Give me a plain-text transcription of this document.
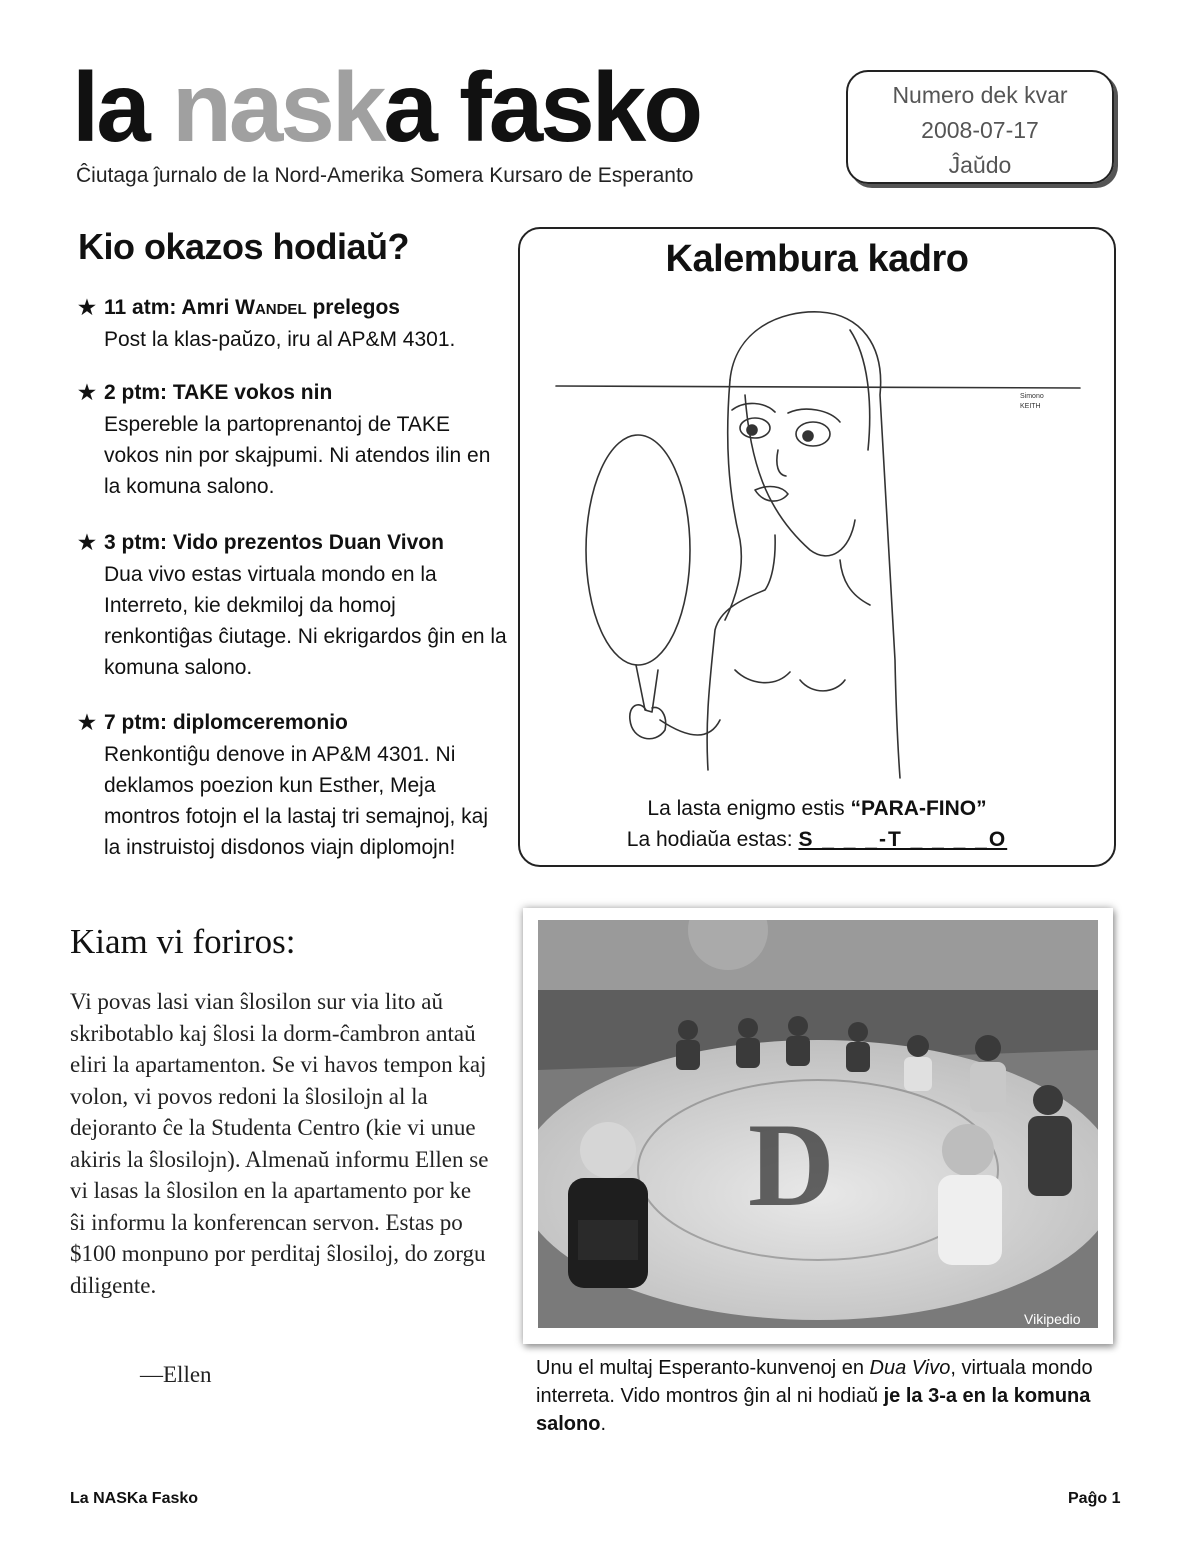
la naska fasko
Ĉiutaga ĵurnalo de la Nord-Amerika Somera Kursaro de Esperanto
Numero dek kvar
2008-07-17
Ĵaŭdo
Kio okazos hodiaŭ?
★ 11 atm: Amri Wandel prelegos
Post la klas-paŭzo, iru al AP&M 4301.
★ 2 ptm: TAKE vokos nin
Espereble la partoprenantoj de TAKE vokos nin por skajpumi. Ni atendos ilin en la komuna salono.
★ 3 ptm: Vido prezentos Duan Vivon
Dua vivo estas virtuala mondo en la Interreto, kie dekmiloj da homoj renkontiĝas ĉiutage. Ni ekrigardos ĝin en la komuna salono.
★ 7 ptm: diplomceremonio
Renkontiĝu denove in AP&M 4301. Ni deklamos poezion kun Esther, Meja montros fotojn el la lastaj tri semajnoj, kaj la instruistoj disdonos viajn diplomojn!
Kalembura kadro
Simono
KEITH
La lasta enigmo estis “PARA-FINO”
La hodiaŭa estas: S _ _ _-T _ _ _ _O
D
Vikipedio
Unu el multaj Esperanto-kunvenoj en Dua Vivo, virtuala mondo interreta. Vido montros ĝin al ni hodiaŭ je la 3-a en la komuna salono.
Kiam vi foriros:
Vi povas lasi vian ŝlosilon sur via lito aŭ skribotablo kaj ŝlosi la dorm-ĉambron antaŭ eliri la apartamenton. Se vi havos tempon kaj volon, vi povos redoni la ŝlosilojn al la dejoranto ĉe la Studenta Centro (kie vi unue akiris la ŝlosilojn). Almenaŭ informu Ellen se vi lasas la ŝlosilon en la apartamento por ke ŝi informu la konferencan servon. Estas po $100 monpuno por perditaj ŝlosiloj, do zorgu diligente.
—Ellen
La NASKa Fasko	Paĝo 1
